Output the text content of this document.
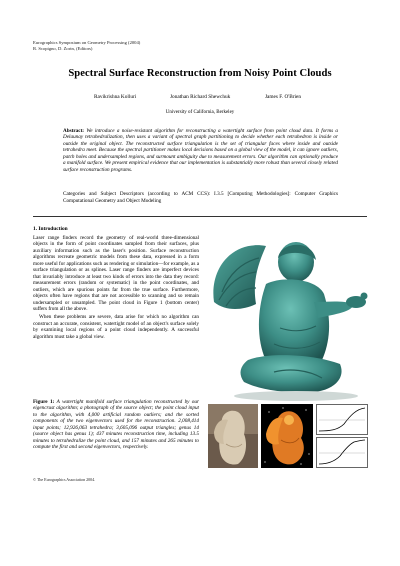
Eurographics Symposium on Geometry Processing (2004)
R. Scopigno, D. Zorin, (Editors)
Spectral Surface Reconstruction from Noisy Point Clouds
Ravikrishna Kolluri	Jonathan Richard Shewchuk	James F. O'Brien
University of California, Berkeley
Abstract: We introduce a noise-resistant algorithm for reconstructing a watertight surface from point cloud data. It forms a Delaunay tetrahedralization, then uses a variant of spectral graph partitioning to decide whether each tetrahedron is inside or outside the original object. The reconstructed surface triangulation is the set of triangular faces where inside and outside tetrahedra meet. Because the spectral partitioner makes local decisions based on a global view of the model, it can ignore outliers, patch holes and undersampled regions, and surmount ambiguity due to measurement errors. Our algorithm can optionally produce a manifold surface. We present empirical evidence that our implementation is substantially more robust than several closely related surface reconstruction programs.
Categories and Subject Descriptors (according to ACM CCS): I.3.5 [Computing Methodologies]: Computer Graphics Computational Geometry and Object Modeling
1. Introduction

Laser range finders record the geometry of real-world three-dimensional objects in the form of point coordinates sampled from their surfaces, plus auxiliary information such as the laser's position. Surface reconstruction algorithms recreate geometric models from these data, expressed in a form more useful for applications such as rendering or simulation—for example, as a surface triangulation or as splines. Laser range finders are imperfect devices that invariably introduce at least two kinds of errors into the data they record: measurement errors (random or systematic) in the point coordinates, and outliers, which are spurious points far from the true surface. Furthermore, objects often have regions that are not accessible to scanning and so remain undersampled or unsampled. The point cloud in Figure 1 (bottom center) suffers from all the above.

When these problems are severe, data arise for which no algorithm can construct an accurate, consistent, watertight model of an object's surface solely by examining local regions of a point cloud independently. A successful algorithm must take a global view.

Figure 1: A watertight manifold surface triangulation reconstructed by our eigencrust algorithm; a photograph of the source object; the point cloud input to the algorithm, with 4,000 artificial random outliers; and the sorted components of the two eigenvectors used for the reconstruction. 2,008,414 input points; 12,926,063 tetrahedra; 3,605,096 output triangles; genus 14 (source object has genus 1); 437 minutes reconstruction time, including 13.5 minutes to tetrahedralize the point cloud, and 157 minutes and 265 minutes to compute the first and second eigenvectors, respectively.
© The Eurographics Association 2004.
